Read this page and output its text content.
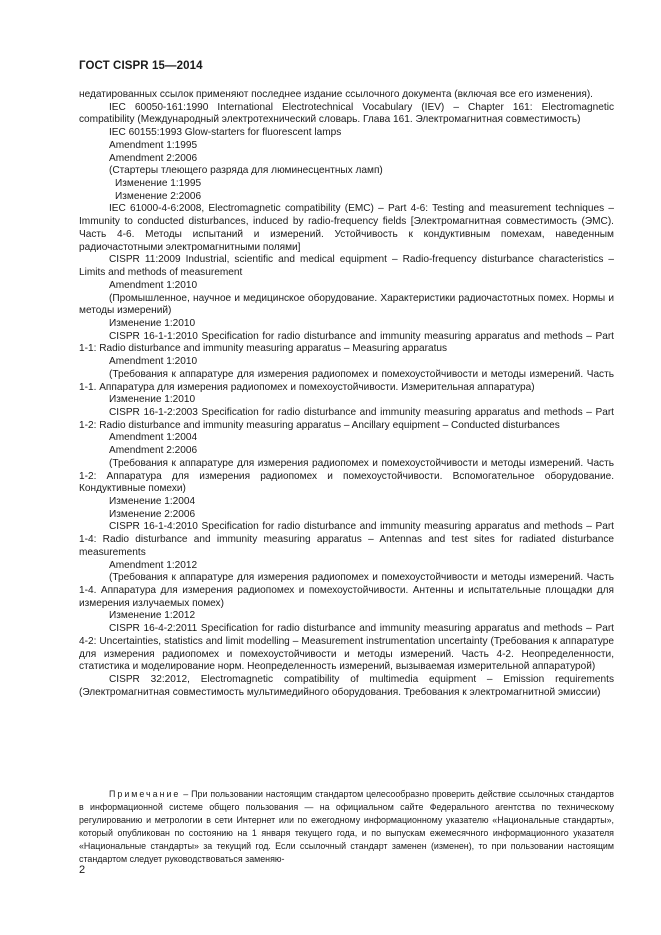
ГОСТ CISPR 15—2014

недатированных ссылок применяют последнее издание ссылочного документа (включая все его изменения).

IEC 60050-161:1990 International Electrotechnical Vocabulary (IEV) – Chapter 161: Electromagnetic compatibility (Международный электротехнический словарь. Глава 161. Электромагнитная совместимость)

IEC 60155:1993 Glow-starters for fluorescent lamps

Amendment 1:1995

Amendment 2:2006

(Стартеры тлеющего разряда для люминесцентных ламп)

Изменение 1:1995

Изменение 2:2006

IEC 61000-4-6:2008, Electromagnetic compatibility (EMC) – Part 4-6: Testing and measurement techniques – Immunity to conducted disturbances, induced by radio-frequency fields [Электромагнитная совместимость (ЭМС). Часть 4-6. Методы испытаний и измерений. Устойчивость к кондуктивным помехам, наведенным радиочастотными электромагнитными полями]

CISPR 11:2009 Industrial, scientific and medical equipment – Radio-frequency disturbance characteristics – Limits and methods of measurement

Amendment 1:2010

(Промышленное, научное и медицинское оборудование. Характеристики радиочастотных помех. Нормы и методы измерений)

Изменение 1:2010

CISPR 16-1-1:2010 Specification for radio disturbance and immunity measuring apparatus and methods – Part 1-1: Radio disturbance and immunity measuring apparatus – Measuring apparatus

Amendment 1:2010

(Требования к аппаратуре для измерения радиопомех и помехоустойчивости и методы измерений. Часть 1-1. Аппаратура для измерения радиопомех и помехоустойчивости. Измерительная аппаратура)

Изменение 1:2010

CISPR 16-1-2:2003 Specification for radio disturbance and immunity measuring apparatus and methods – Part 1-2: Radio disturbance and immunity measuring apparatus – Ancillary equipment – Conducted disturbances

Amendment 1:2004

Amendment 2:2006

(Требования к аппаратуре для измерения радиопомех и помехоустойчивости и методы измерений. Часть 1-2: Аппаратура для измерения радиопомех и помехоустойчивости. Вспомогательное оборудование. Кондуктивные помехи)

Изменение 1:2004

Изменение 2:2006

CISPR 16-1-4:2010 Specification for radio disturbance and immunity measuring apparatus and methods – Part 1-4: Radio disturbance and immunity measuring apparatus – Antennas and test sites for radiated disturbance measurements

Amendment 1:2012

(Требования к аппаратуре для измерения радиопомех и помехоустойчивости и методы измерений. Часть 1-4. Аппаратура для измерения радиопомех и помехоустойчивости. Антенны и испытательные площадки для измерения излучаемых помех)

Изменение 1:2012

CISPR 16-4-2:2011 Specification for radio disturbance and immunity measuring apparatus and methods – Part 4-2: Uncertainties, statistics and limit modelling – Measurement instrumentation uncertainty (Требования к аппаратуре для измерения радиопомех и помехоустойчивости и методы измерений. Часть 4-2. Неопределенности, статистика и моделирование норм. Неопределенность измерений, вызываемая измерительной аппаратурой)

CISPR 32:2012, Electromagnetic compatibility of multimedia equipment – Emission requirements (Электромагнитная совместимость мультимедийного оборудования. Требования к электромагнитной эмиссии)

Примечание – При пользовании настоящим стандартом целесообразно проверить действие ссылочных стандартов в информационной системе общего пользования — на официальном сайте Федерального агентства по техническому регулированию и метрологии в сети Интернет или по ежегодному информационному указателю «Национальные стандарты», который опубликован по состоянию на 1 января текущего года, и по выпускам ежемесячного информационного указателя «Национальные стандарты» за текущий год. Если ссылочный стандарт заменен (изменен), то при пользовании настоящим стандартом следует руководствоваться заменяю-

2
